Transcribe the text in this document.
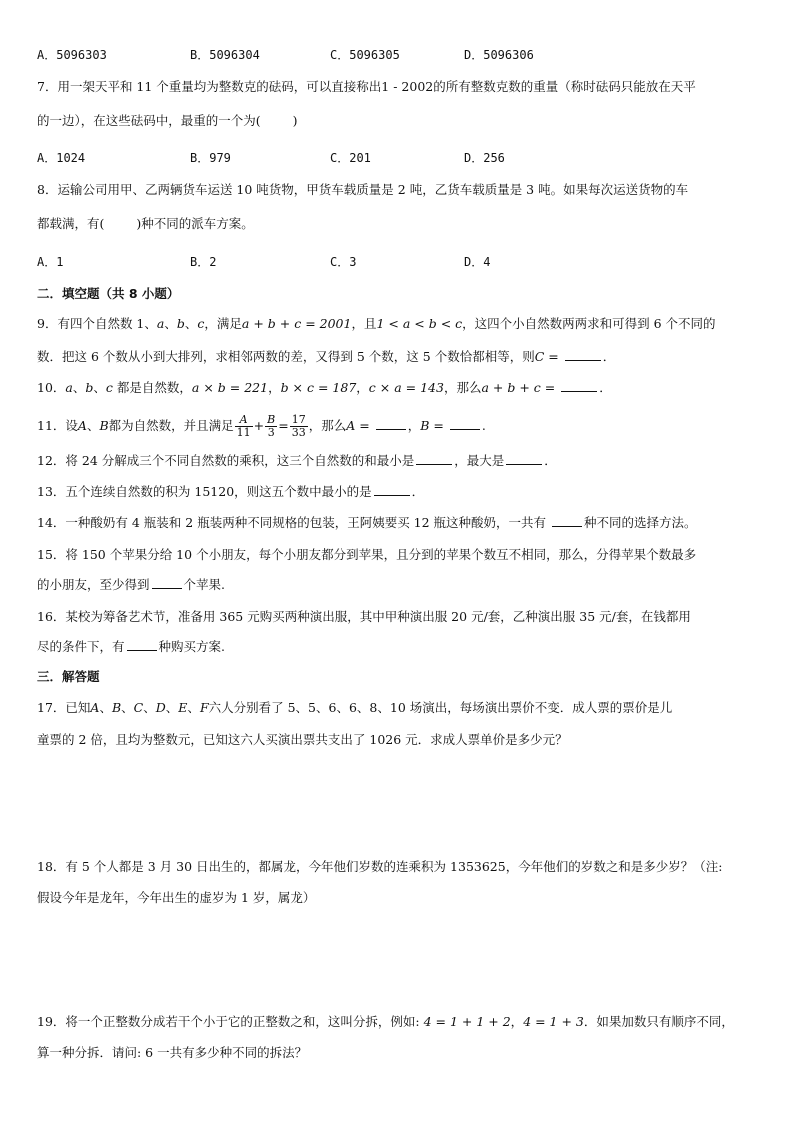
A．5096303	B．5096304	C．5096305	D．5096306
7．用一架天平和 11 个重量均为整数克的砝码，可以直接称出1 - 2002的所有整数克数的重量（称时砝码只能放在天平
的一边），在这些砝码中，最重的一个为(	)
A．1024	B．979	C．201	D．256
8．运输公司用甲、乙两辆货车运送 10 吨货物，甲货车载质量是 2 吨，乙货车载质量是 3 吨。如果每次运送货物的车
都载满，有(	)种不同的派车方案。
A．1	B．2	C．3	D．4
二．填空题（共 8 小题）
9．有四个自然数 1、a、b、c，满足a + b + c = 2001，且1 < a < b < c，这四个小自然数两两求和可得到 6 个不同的
数．把这 6 个数从小到大排列，求相邻两数的差，又得到 5 个数，这 5 个数恰都相等，则C =	．
10．a、b、c 都是自然数，a × b = 221，b × c = 187，c × a = 143，那么a + b + c =	．
11．设A、B都为自然数，并且满足 $\frac{A}{11} + \frac{B}{3} = \frac{17}{33}$ ，那么A =	，B =	.
12．将 24 分解成三个不同自然数的乘积，这三个自然数的和最小是	，最大是	．
13．五个连续自然数的积为 15120，则这五个数中最小的是	．
14．一种酸奶有 4 瓶装和 2 瓶装两种不同规格的包装，王阿姨要买 12 瓶这种酸奶，一共有	种不同的选择方法。
15．将 150 个苹果分给 10 个小朋友，每个小朋友都分到苹果，且分到的苹果个数互不相同，那么，分得苹果个数最多
的小朋友，至少得到	个苹果.
16．某校为筹备艺术节，准备用 365 元购买两种演出服，其中甲种演出服 20 元/套，乙种演出服 35 元/套，在钱都用
尽的条件下，有	种购买方案.
三．解答题
17．已知A、B、C、D、E、F六人分别看了 5、5、6、6、8、10 场演出，每场演出票价不变．成人票的票价是儿
童票的 2 倍，且均为整数元，已知这六人买演出票共支出了 1026 元．求成人票单价是多少元？
18．有 5 个人都是 3 月 30 日出生的，都属龙，今年他们岁数的连乘积为 1353625，今年他们的岁数之和是多少岁？（注:
假设今年是龙年，今年出生的虚岁为 1 岁，属龙）
19．将一个正整数分成若干个小于它的正整数之和，这叫分拆，例如: 4 = 1 + 1 + 2，4 = 1 + 3．如果加数只有顺序不同，
算一种分拆．请问: 6 一共有多少种不同的拆法？
